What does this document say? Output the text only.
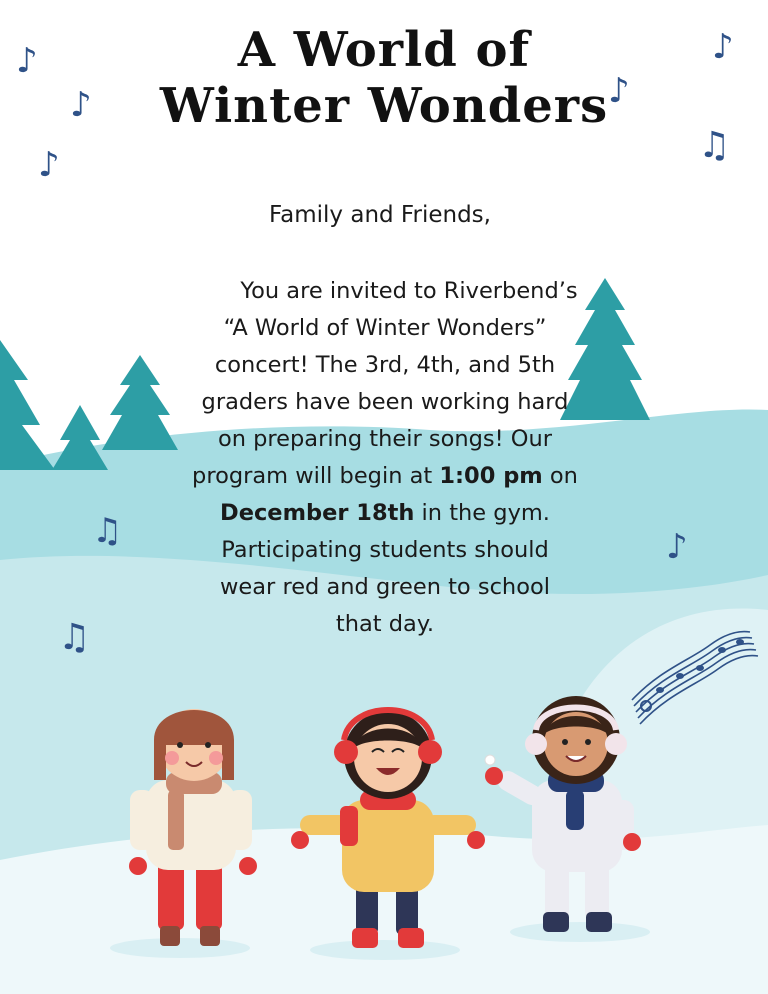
A World of
Winter Wonders

Family and Friends,

You are invited to Riverbend’s
“A World of Winter Wonders”
concert! The 3rd, 4th, and 5th
graders have been working hard
on preparing their songs! Our
program will begin at 1:00 pm on
December 18th in the gym.
Participating students should
wear red and green to school
that day.

♪
♪
♪
♪
♪
♫
♫	♪
♫
